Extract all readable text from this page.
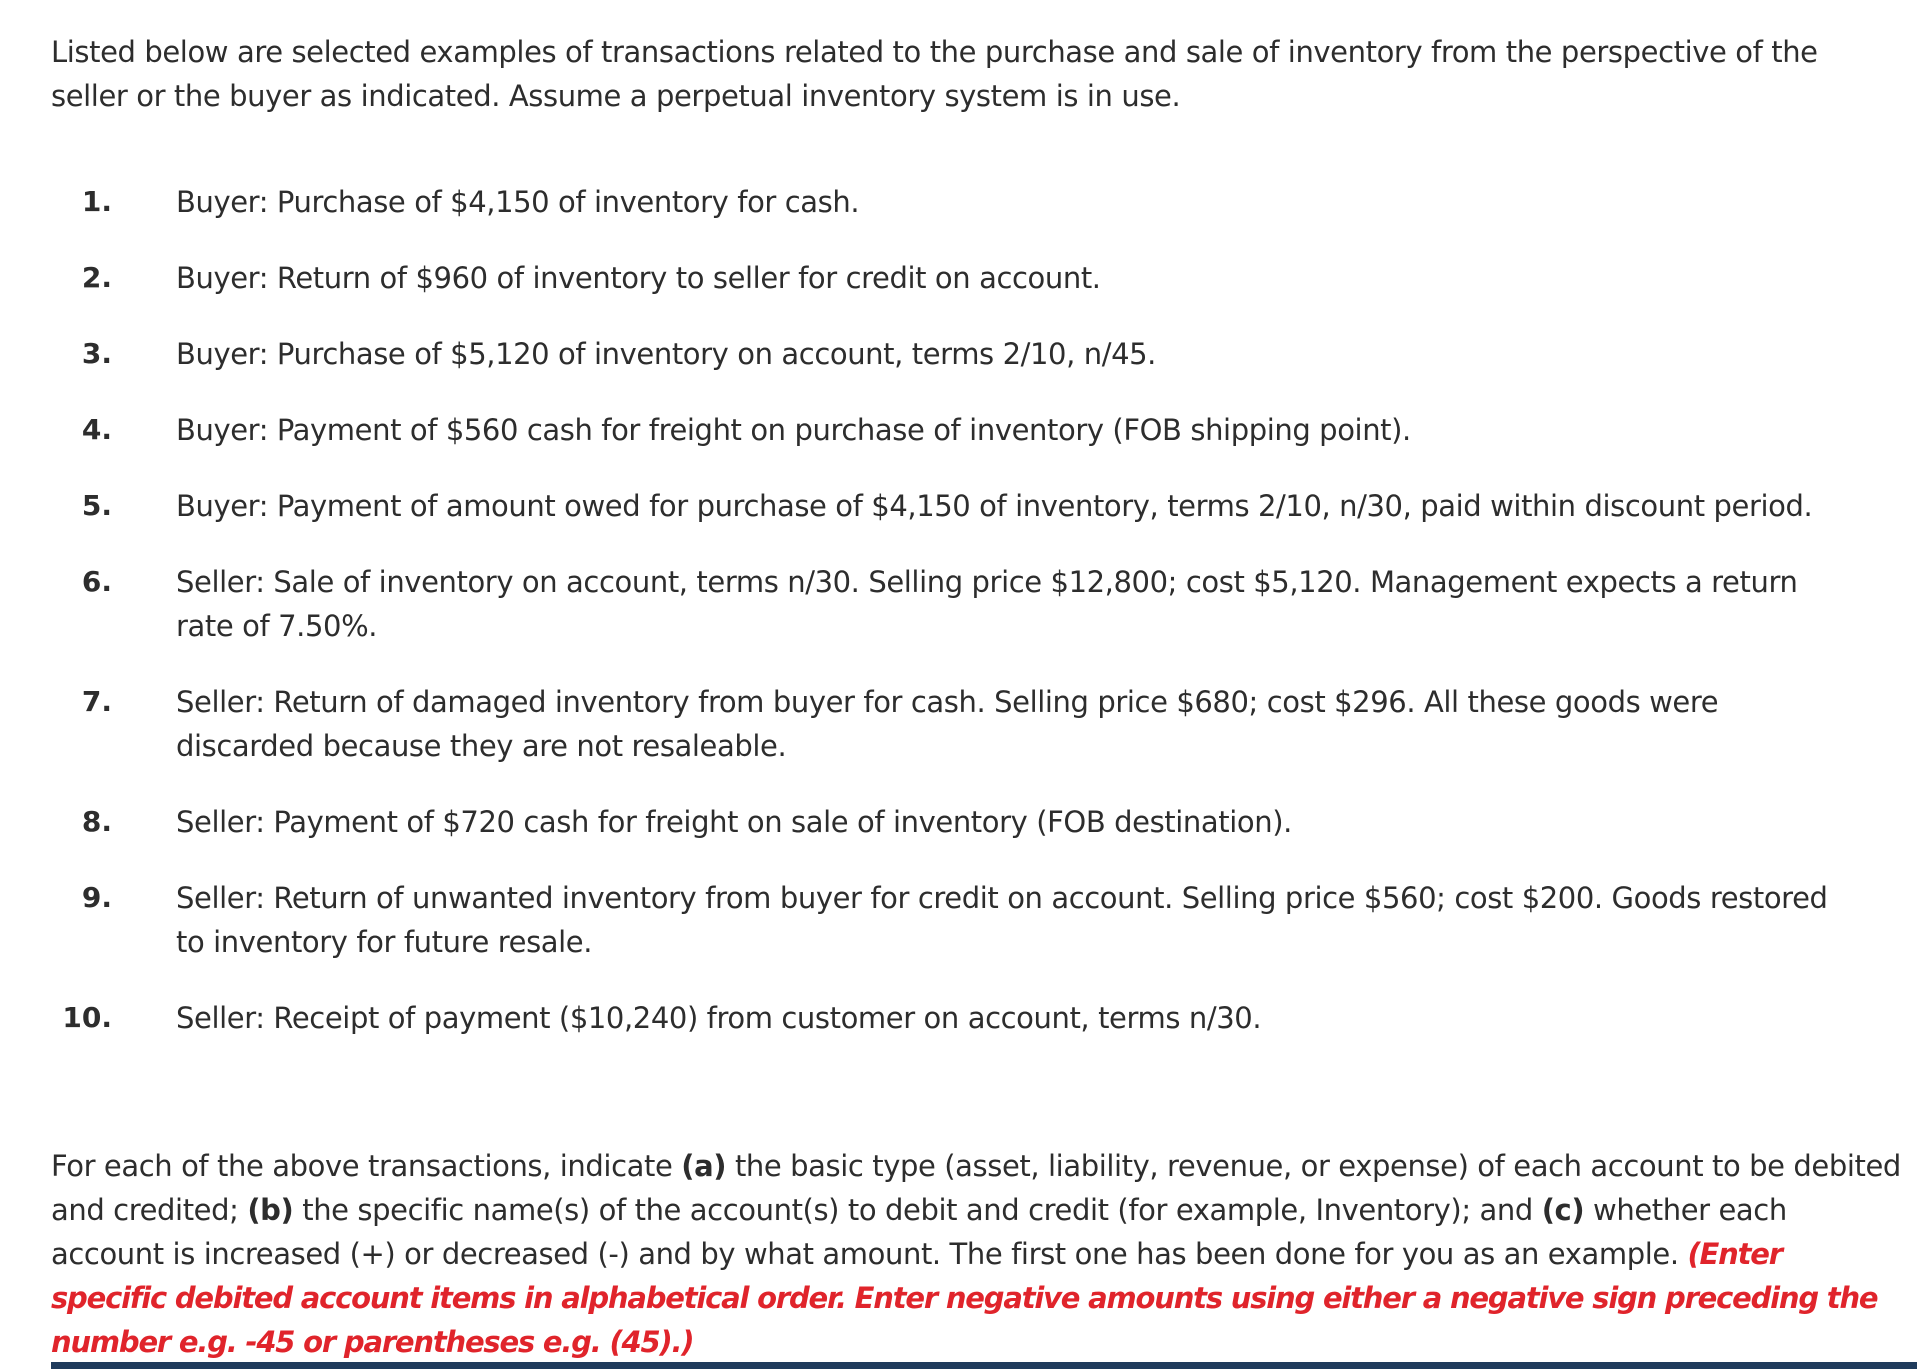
Listed below are selected examples of transactions related to the purchase and sale of inventory from the perspective of the seller or the buyer as indicated. Assume a perpetual inventory system is in use.

1. Buyer: Purchase of $4,150 of inventory for cash.
2. Buyer: Return of $960 of inventory to seller for credit on account.
3. Buyer: Purchase of $5,120 of inventory on account, terms 2/10, n/45.
4. Buyer: Payment of $560 cash for freight on purchase of inventory (FOB shipping point).
5. Buyer: Payment of amount owed for purchase of $4,150 of inventory, terms 2/10, n/30, paid within discount period.
6. Seller: Sale of inventory on account, terms n/30. Selling price $12,800; cost $5,120. Management expects a return rate of 7.50%.
7. Seller: Return of damaged inventory from buyer for cash. Selling price $680; cost $296. All these goods were discarded because they are not resaleable.
8. Seller: Payment of $720 cash for freight on sale of inventory (FOB destination).
9. Seller: Return of unwanted inventory from buyer for credit on account. Selling price $560; cost $200. Goods restored to inventory for future resale.
10. Seller: Receipt of payment ($10,240) from customer on account, terms n/30.

For each of the above transactions, indicate (a) the basic type (asset, liability, revenue, or expense) of each account to be debited and credited; (b) the specific name(s) of the account(s) to debit and credit (for example, Inventory); and (c) whether each account is increased (+) or decreased (-) and by what amount. The first one has been done for you as an example. (Enter specific debited account items in alphabetical order. Enter negative amounts using either a negative sign preceding the number e.g. -45 or parentheses e.g. (45).)
